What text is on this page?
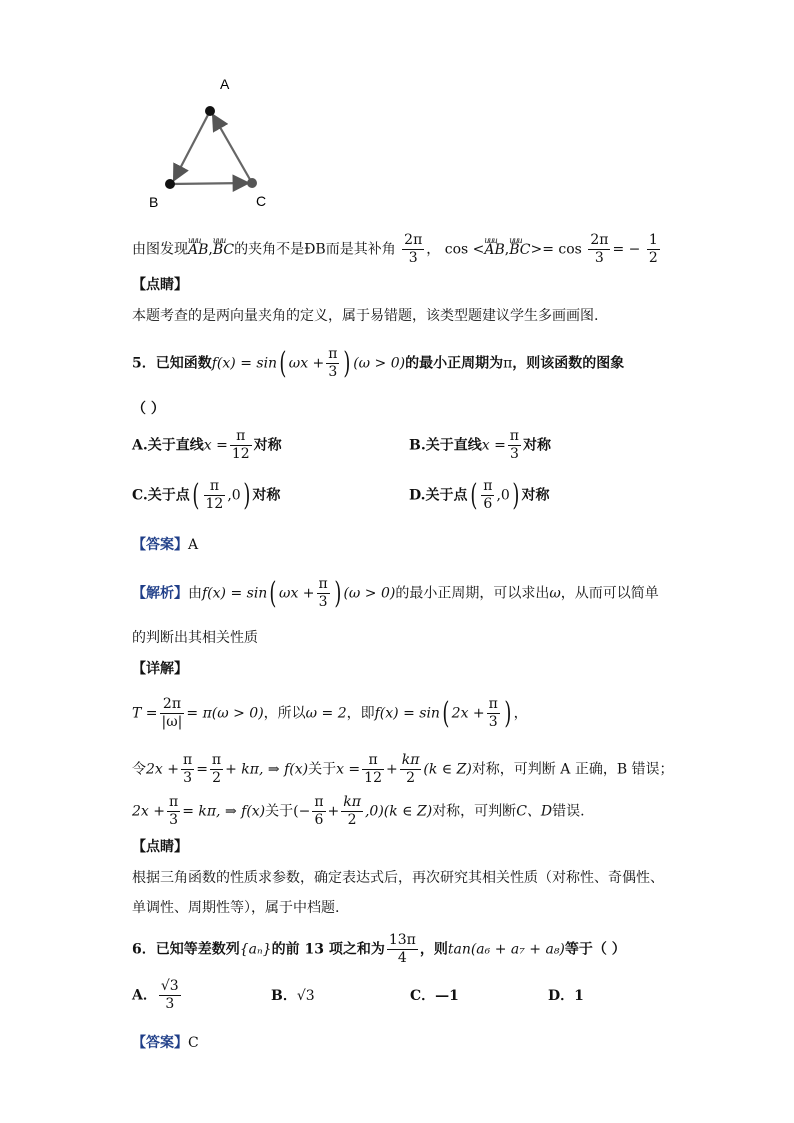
A
B	C
由图发现uuu AB,uuu BC的夹角不是ÐB而是其补角 $\frac{2\pi}{3}$ ， cos <uuu AB,uuu $BC>= \cos \frac{2\pi}{3}$ = − $\frac{1}{2}$
【点睛】
本题考查的是两向量夹角的定义，属于易错题，该类型题建议学生多画画图.
5．已知函数f(x) = sin( $\omega x + \frac{\pi}{3}$ ) (ω > 0)的最小正周期为π，则该函数的图象
（ ）
A.关于直线$x = \frac{\pi}{12}$ 对称	B.关于直线$x = \frac{\pi}{3}$ 对称
C.关于点( $\frac{\pi}{12} ,0$) 对称	D.关于点( $\frac{\pi}{6} ,0$) 对称
【答案】A
【解析】由f(x) = sin( $\omega x + \frac{\pi}{3}$ ) (ω > 0)的最小正周期，可以求出ω，从而可以简单
的判断出其相关性质
【详解】
$T = \frac{2\pi}{|\omega|} = \pi(\omega > 0)$，所以ω = 2，即f(x) = sin( $2x + \frac{\pi}{3}$ ) ，
令$2x + \frac{\pi}{3} = \frac{\pi}{2} + k\pi$, ⇒ f(x)关于$x = \frac{\pi}{12} + \frac{k\pi}{2} (k$ ∈ Z)对称，可判断 A 正确，B 错误；
$2x + \frac{\pi}{3} = k\pi$, ⇒ f(x)关于(− $\frac{\pi}{6} + \frac{k\pi}{2} ,0)(k$ ∈ Z)对称，可判断C、D错误.
【点睛】
根据三角函数的性质求参数，确定表达式后，再次研究其相关性质（对称性、奇偶性、
单调性、周期性等），属于中档题.
6．已知等差数列{aₙ}的前 13 项之和为 $\frac{13\pi}{4}$ ，则tan(a₆ + a₇ + a₈)等于（ ）
A． $\frac{√3}{3}$	B．√3	C．—1	D．1
【答案】C
